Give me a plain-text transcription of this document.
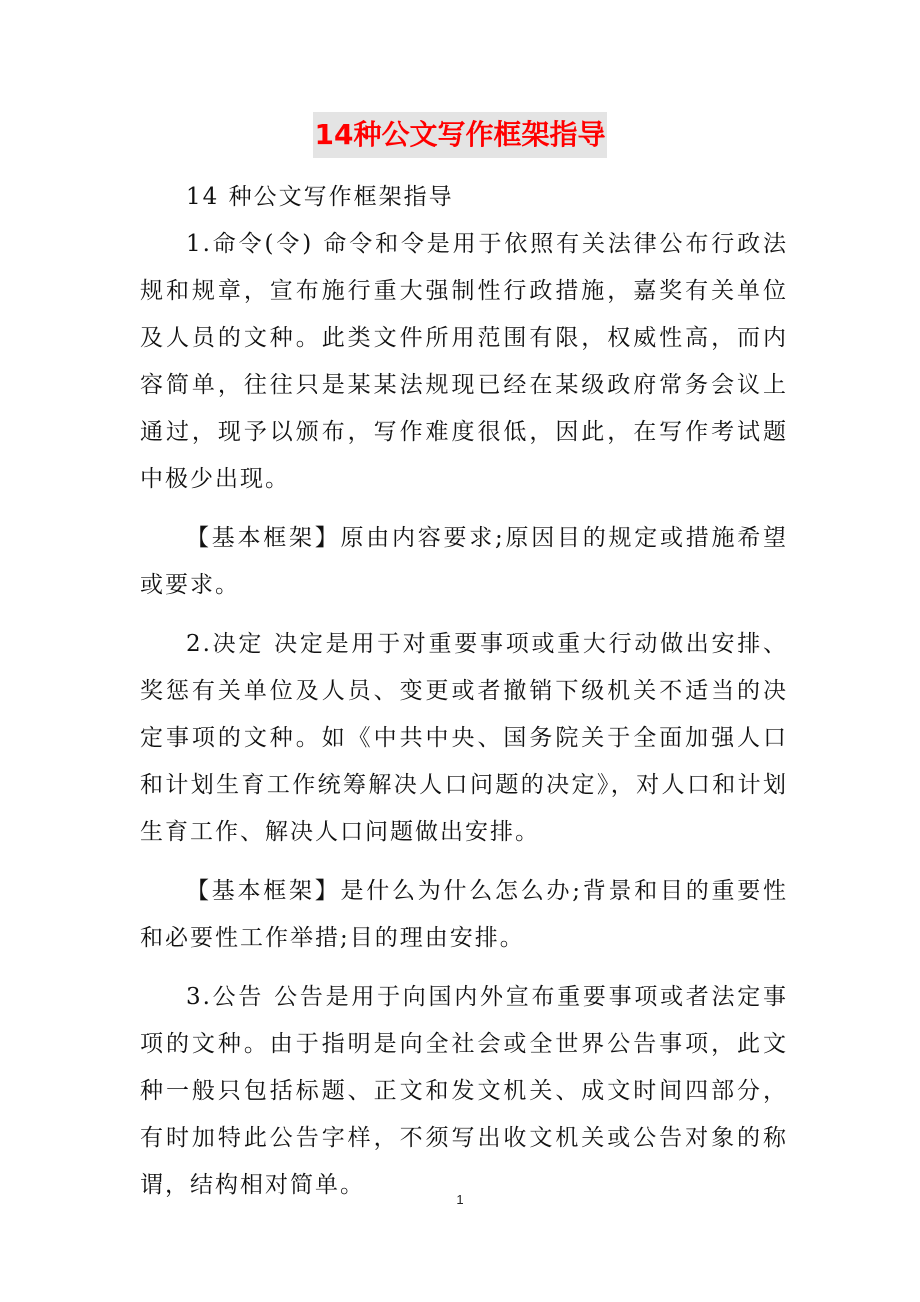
14种公文写作框架指导

14 种公文写作框架指导

1.命令(令) 命令和令是用于依照有关法律公布行政法规和规章，宣布施行重大强制性行政措施，嘉奖有关单位及人员的文种。此类文件所用范围有限，权威性高，而内容简单，往往只是某某法规现已经在某级政府常务会议上通过，现予以颁布，写作难度很低，因此，在写作考试题中极少出现。

【基本框架】原由内容要求;原因目的规定或措施希望或要求。

2.决定 决定是用于对重要事项或重大行动做出安排、奖惩有关单位及人员、变更或者撤销下级机关不适当的决定事项的文种。如《中共中央、国务院关于全面加强人口和计划生育工作统筹解决人口问题的决定》，对人口和计划生育工作、解决人口问题做出安排。

【基本框架】是什么为什么怎么办;背景和目的重要性和必要性工作举措;目的理由安排。

3.公告 公告是用于向国内外宣布重要事项或者法定事项的文种。由于指明是向全社会或全世界公告事项，此文种一般只包括标题、正文和发文机关、成文时间四部分，有时加特此公告字样，不须写出收文机关或公告对象的称谓，结构相对简单。

1
